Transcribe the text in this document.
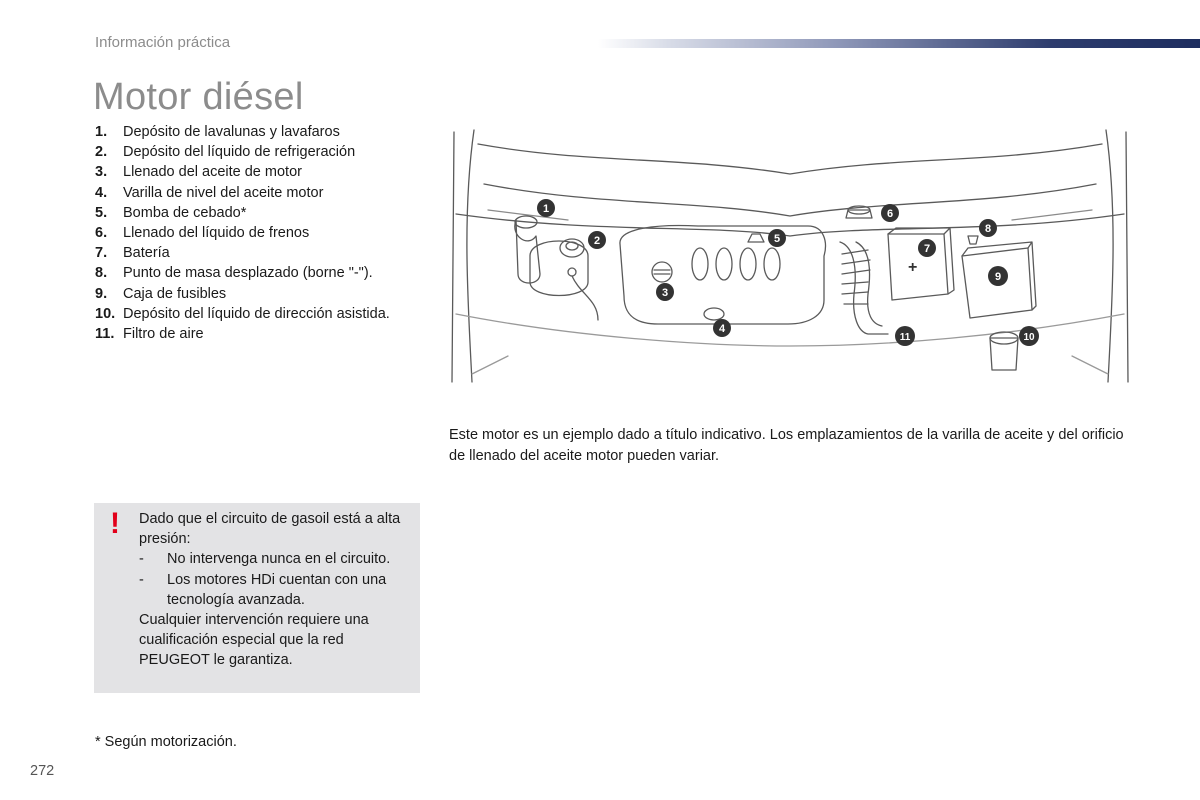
Información práctica
Motor diésel
1.	Depósito de lavalunas y lavafaros
2.	Depósito del líquido de refrigeración
3.	Llenado del aceite de motor
4.	Varilla de nivel del aceite motor
5.	Bomba de cebado*
6.	Llenado del líquido de frenos
7.	Batería
8.	Punto de masa desplazado (borne "-").
9.	Caja de fusibles
10. Depósito del líquido de dirección asistida.
11. Filtro de aire
+
1
2
3
4
5
6
7
8
9
10
11

Este motor es un ejemplo dado a título indicativo. Los emplazamientos de la varilla de aceite y del orificio de llenado del aceite motor pueden variar.

! Dado que el circuito de gasoil está a alta presión:

-	No intervenga nunca en el circuito.
-	Los motores HDi cuentan con una tecnología avanzada.

Cualquier intervención requiere una cualificación especial que la red PEUGEOT le garantiza.

* Según motorización.
272
